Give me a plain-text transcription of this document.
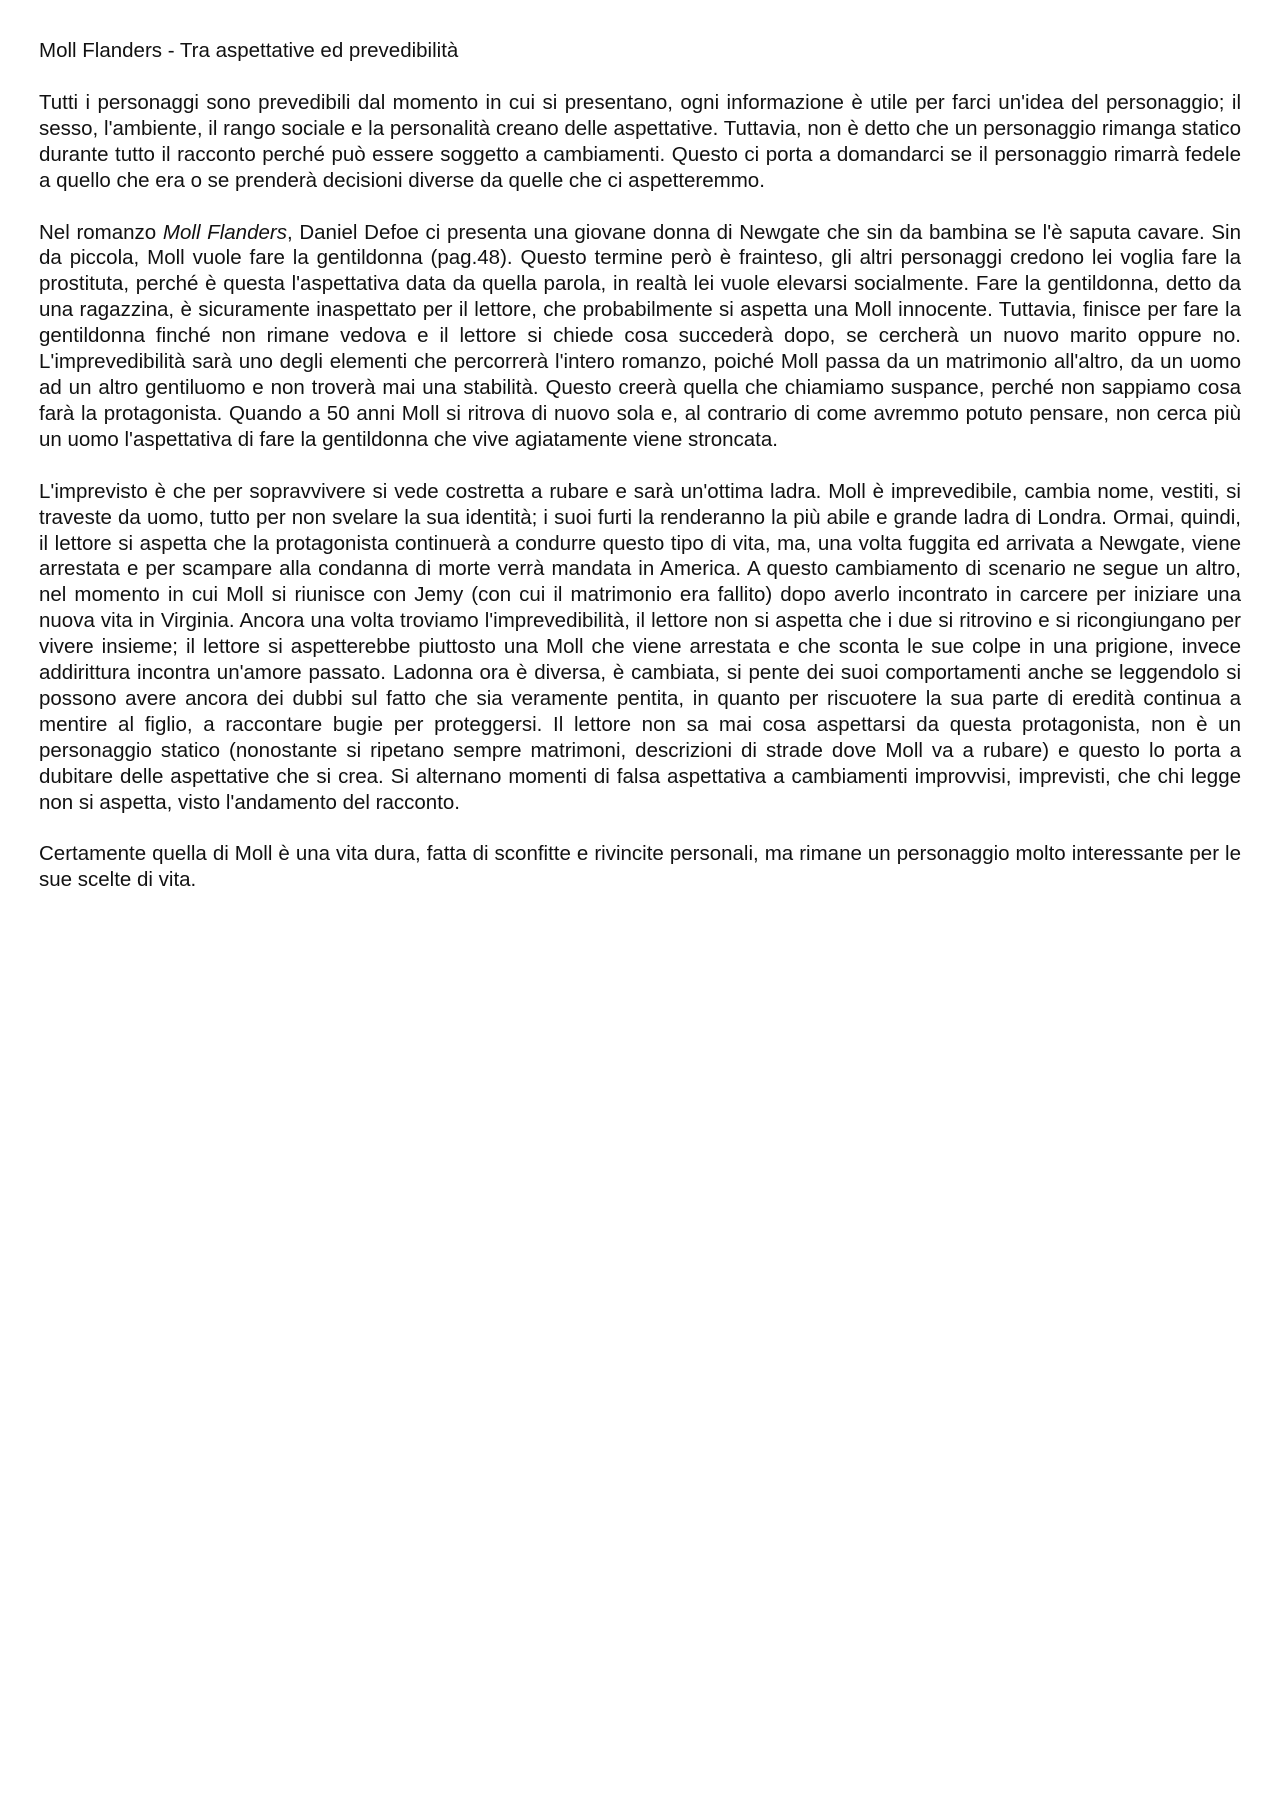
Moll Flanders - Tra aspettative ed prevedibilità

Tutti i personaggi sono prevedibili dal momento in cui si presentano, ogni informazione è utile per farci un'idea del personaggio; il sesso, l'ambiente, il rango sociale e la personalità creano delle aspettative. Tuttavia, non è detto che un personaggio rimanga statico durante tutto il racconto perché può essere soggetto a cambiamenti. Questo ci porta a domandarci se il personaggio rimarrà fedele a quello che era o se prenderà decisioni diverse da quelle che ci aspetteremmo.

Nel romanzo Moll Flanders, Daniel Defoe ci presenta una giovane donna di Newgate che sin da bambina se l'è saputa cavare. Sin da piccola, Moll vuole fare la gentildonna (pag.48). Questo termine però è frainteso, gli altri personaggi credono lei voglia fare la prostituta, perché è questa l'aspettativa data da quella parola, in realtà lei vuole elevarsi socialmente. Fare la gentildonna, detto da una ragazzina, è sicuramente inaspettato per il lettore, che probabilmente si aspetta una Moll innocente. Tuttavia, finisce per fare la gentildonna finché non rimane vedova e il lettore si chiede cosa succederà dopo, se cercherà un nuovo marito oppure no. L'imprevedibilità sarà uno degli elementi che percorrerà l'intero romanzo, poiché Moll passa da un matrimonio all'altro, da un uomo ad un altro gentiluomo e non troverà mai una stabilità. Questo creerà quella che chiamiamo suspance, perché non sappiamo cosa farà la protagonista. Quando a 50 anni Moll si ritrova di nuovo sola e, al contrario di come avremmo potuto pensare, non cerca più un uomo l'aspettativa di fare la gentildonna che vive agiatamente viene stroncata.

L'imprevisto è che per sopravvivere si vede costretta a rubare e sarà un'ottima ladra. Moll è imprevedibile, cambia nome, vestiti, si traveste da uomo, tutto per non svelare la sua identità; i suoi furti la renderanno la più abile e grande ladra di Londra. Ormai, quindi, il lettore si aspetta che la protagonista continuerà a condurre questo tipo di vita, ma, una volta fuggita ed arrivata a Newgate, viene arrestata e per scampare alla condanna di morte verrà mandata in America. A questo cambiamento di scenario ne segue un altro, nel momento in cui Moll si riunisce con Jemy (con cui il matrimonio era fallito) dopo averlo incontrato in carcere per iniziare una nuova vita in Virginia. Ancora una volta troviamo l'imprevedibilità, il lettore non si aspetta che i due si ritrovino e si ricongiungano per vivere insieme; il lettore si aspetterebbe piuttosto una Moll che viene arrestata e che sconta le sue colpe in una prigione, invece addirittura incontra un'amore passato. Ladonna ora è diversa, è cambiata, si pente dei suoi comportamenti anche se leggendolo si possono avere ancora dei dubbi sul fatto che sia veramente pentita, in quanto per riscuotere la sua parte di eredità continua a mentire al figlio, a raccontare bugie per proteggersi. Il lettore non sa mai cosa aspettarsi da questa protagonista, non è un personaggio statico (nonostante si ripetano sempre matrimoni, descrizioni di strade dove Moll va a rubare) e questo lo porta a dubitare delle aspettative che si crea. Si alternano momenti di falsa aspettativa a cambiamenti improvvisi, imprevisti, che chi legge non si aspetta, visto l'andamento del racconto.

Certamente quella di Moll è una vita dura, fatta di sconfitte e rivincite personali, ma rimane un personaggio molto interessante per le sue scelte di vita.
